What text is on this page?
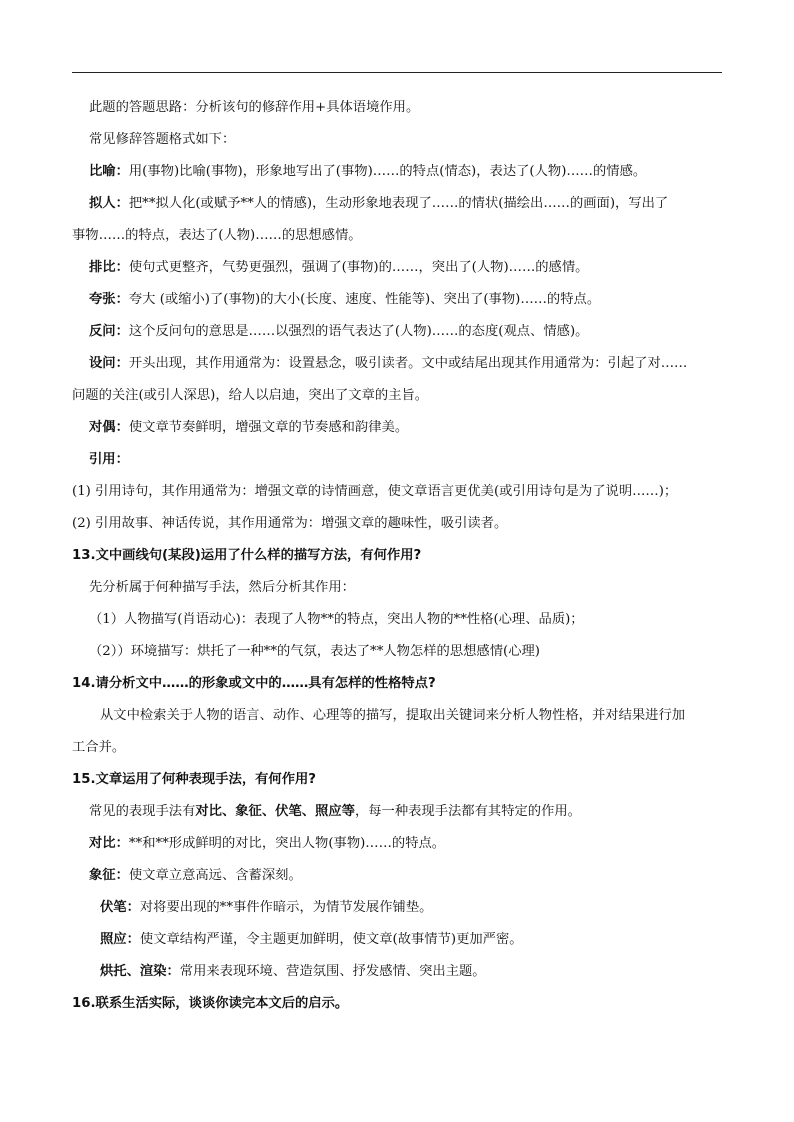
此题的答题思路：分析该句的修辞作用+具体语境作用。
常见修辞答题格式如下：
比喻：用(事物)比喻(事物)，形象地写出了(事物)……的特点(情态)，表达了(人物)……的情感。
拟人：把**拟人化(或赋予**人的情感)，生动形象地表现了……的情状(描绘出……的画面)，写出了
事物……的特点，表达了(人物)……的思想感情。
排比：使句式更整齐，气势更强烈，强调了(事物)的……，突出了(人物)……的感情。
夸张：夸大 (或缩小)了(事物)的大小(长度、速度、性能等)、突出了(事物)……的特点。
反问：这个反问句的意思是……以强烈的语气表达了(人物)……的态度(观点、情感)。
设问：开头出现，其作用通常为：设置悬念，吸引读者。文中或结尾出现其作用通常为：引起了对……
问题的关注(或引人深思)，给人以启迪，突出了文章的主旨。
对偶：使文章节奏鲜明，增强文章的节奏感和韵律美。
引用：
(1) 引用诗句，其作用通常为：增强文章的诗情画意，使文章语言更优美(或引用诗句是为了说明……)；
(2) 引用故事、神话传说，其作用通常为：增强文章的趣味性，吸引读者。
13.文中画线句(某段)运用了什么样的描写方法，有何作用?
先分析属于何种描写手法，然后分析其作用：
（1）人物描写(肖语动心)：表现了人物**的特点，突出人物的**性格(心理、品质)；
（2））环境描写：烘托了一种**的气氛，表达了**人物怎样的思想感情(心理)
14.请分析文中……的形象或文中的……具有怎样的性格特点?
从文中检索关于人物的语言、动作、心理等的描写，提取出关键词来分析人物性格，并对结果进行加
工合并。
15.文章运用了何种表现手法，有何作用?
常见的表现手法有对比、象征、伏笔、照应等，每一种表现手法都有其特定的作用。
对比：**和**形成鲜明的对比，突出人物(事物)……的特点。
象征：使文章立意高远、含蓄深刻。
伏笔：对将要出现的**事件作暗示，为情节发展作铺垫。
照应：使文章结构严谨，令主题更加鲜明，使文章(故事情节)更加严密。
烘托、渲染：常用来表现环境、营造氛围、抒发感情、突出主题。
16.联系生活实际，谈谈你读完本文后的启示。
